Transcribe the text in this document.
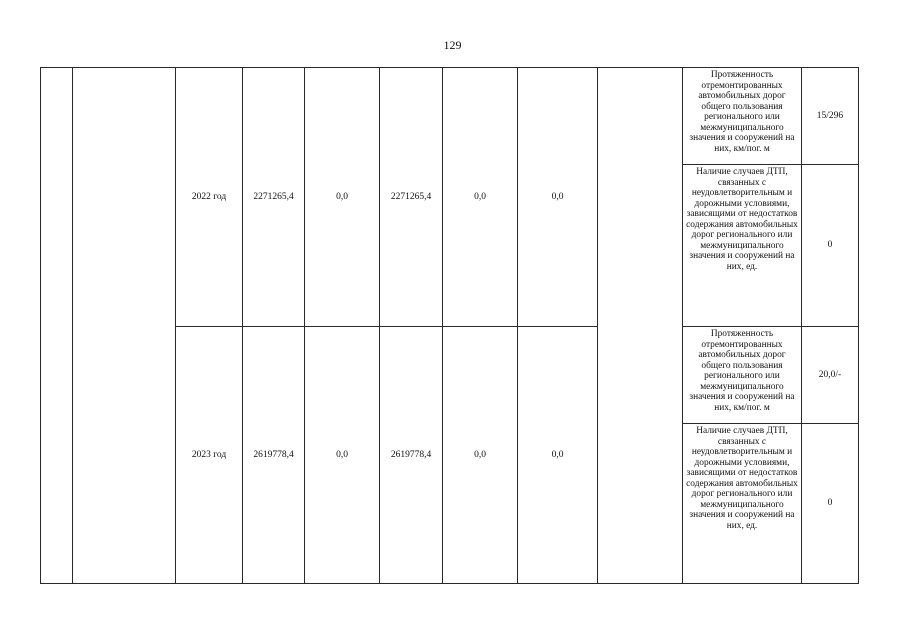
129
		2022 год	2271265,4	0,0	2271265,4	0,0	0,0		Протяженность отремонтированных автомобильных дорог общего пользования регионального или межмуниципального значения и сооружений на них, км/пог. м	15/296
									Наличие случаев ДТП, связанных с неудовлетворительным и дорожными условиями, зависящими от недостатков содержания автомобильных дорог регионального или межмуниципального значения и сооружений на них, ед.	0
		2023 год	2619778,4	0,0	2619778,4	0,0	0,0		Протяженность отремонтированных автомобильных дорог общего пользования регионального или межмуниципального значения и сооружений на них, км/пог. м	20,0/-
									Наличие случаев ДТП, связанных с неудовлетворительным и дорожными условиями, зависящими от недостатков содержания автомобильных дорог регионального или межмуниципального значения и сооружений на них, ед.	0
